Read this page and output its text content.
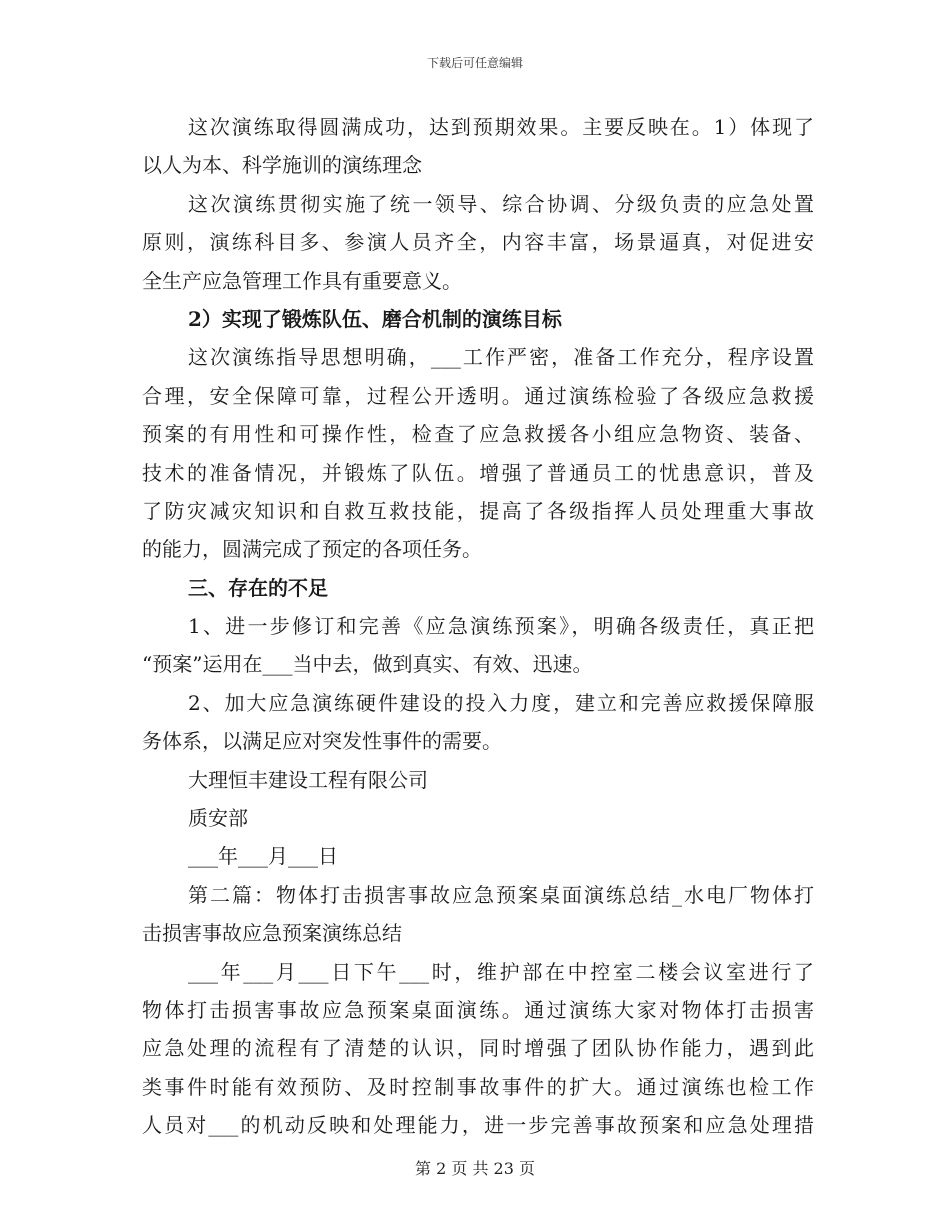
下载后可任意编辑
这次演练取得圆满成功，达到预期效果。主要反映在。1）体现了
以人为本、科学施训的演练理念
这次演练贯彻实施了统一领导、综合协调、分级负责的应急处置
原则，演练科目多、参演人员齐全，内容丰富，场景逼真，对促进安
全生产应急管理工作具有重要意义。
2）实现了锻炼队伍、磨合机制的演练目标
这次演练指导思想明确，___工作严密，准备工作充分，程序设置
合理，安全保障可靠，过程公开透明。通过演练检验了各级应急救援
预案的有用性和可操作性，检查了应急救援各小组应急物资、装备、
技术的准备情况，并锻炼了队伍。增强了普通员工的忧患意识，普及
了防灾减灾知识和自救互救技能，提高了各级指挥人员处理重大事故
的能力，圆满完成了预定的各项任务。
三、存在的不足
1、进一步修订和完善《应急演练预案》，明确各级责任，真正把
“预案”运用在___当中去，做到真实、有效、迅速。
2、加大应急演练硬件建设的投入力度，建立和完善应救援保障服
务体系，以满足应对突发性事件的需要。
大理恒丰建设工程有限公司
质安部
___年___月___日
第二篇：物体打击损害事故应急预案桌面演练总结_水电厂物体打
击损害事故应急预案演练总结
___年___月___日下午___时，维护部在中控室二楼会议室进行了
物体打击损害事故应急预案桌面演练。通过演练大家对物体打击损害
应急处理的流程有了清楚的认识，同时增强了团队协作能力，遇到此
类事件时能有效预防、及时控制事故事件的扩大。通过演练也检工作
人员对___的机动反映和处理能力，进一步完善事故预案和应急处理措
第 2 页 共 23 页
